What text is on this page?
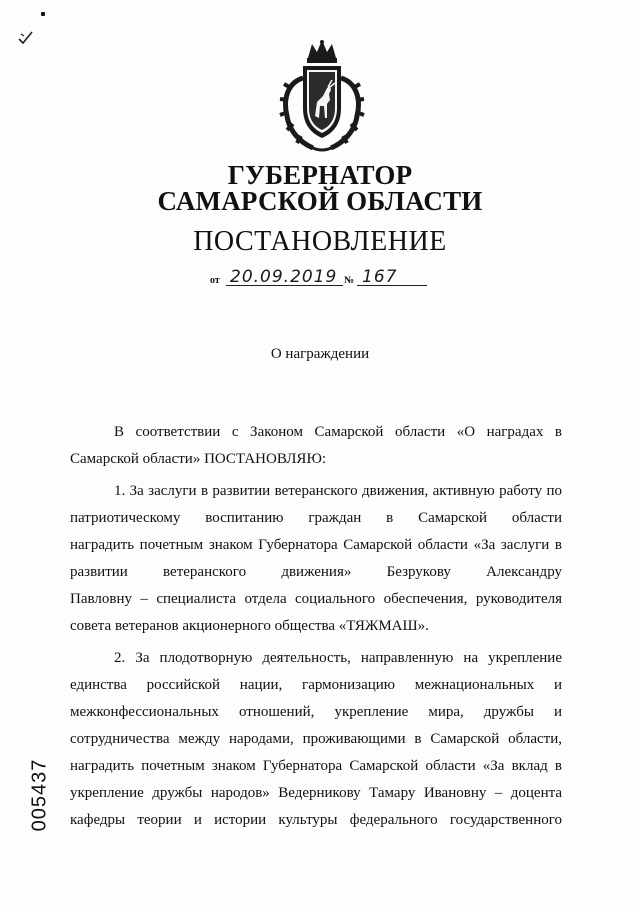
ГУБЕРНАТОР
САМАРСКОЙ ОБЛАСТИ
ПОСТАНОВЛЕНИЕ
от 20.09.2019 № 167
О награждении
В соответствии с Законом Самарской области «О наградах в
Самарской области» ПОСТАНОВЛЯЮ:
1. За заслуги в развитии ветеранского движения, активную работу по
патриотическому воспитанию граждан в Самарской области
наградить почетным знаком Губернатора Самарской области «За заслуги в
развитии ветеранского движения» Безрукову Александру
Павловну – специалиста отдела социального обеспечения, руководителя
совета ветеранов акционерного общества «ТЯЖМАШ».
2. За плодотворную деятельность, направленную на укрепление
единства российской нации, гармонизацию межнациональных и
межконфессиональных отношений, укрепление мира, дружбы и
сотрудничества между народами, проживающими в Самарской области,
наградить почетным знаком Губернатора Самарской области «За вклад в
укрепление дружбы народов» Ведерникову Тамару Ивановну – доцента
кафедры теории и истории культуры федерального государственного
005437
